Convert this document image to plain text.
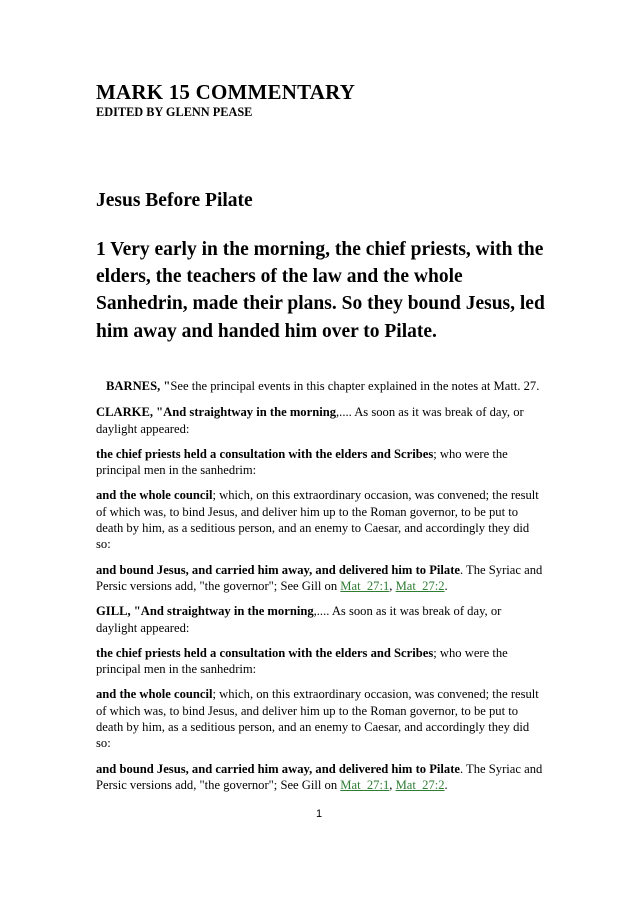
MARK 15 COMMENTARY
EDITED BY GLENN PEASE
Jesus Before Pilate

1 Very early in the morning, the chief priests, with the elders, the teachers of the law and the whole Sanhedrin, made their plans. So they bound Jesus, led him away and handed him over to Pilate.

BARNES, "See the principal events in this chapter explained in the notes at Matt. 27.

CLARKE, "And straightway in the morning,.... As soon as it was break of day, or daylight appeared:

the chief priests held a consultation with the elders and Scribes; who were the principal men in the sanhedrim:

and the whole council; which, on this extraordinary occasion, was convened; the result of which was, to bind Jesus, and deliver him up to the Roman governor, to be put to death by him, as a seditious person, and an enemy to Caesar, and accordingly they did so:

and bound Jesus, and carried him away, and delivered him to Pilate. The Syriac and Persic versions add, "the governor"; See Gill on Mat_27:1, Mat_27:2.

GILL, "And straightway in the morning,.... As soon as it was break of day, or daylight appeared:

the chief priests held a consultation with the elders and Scribes; who were the principal men in the sanhedrim:

and the whole council; which, on this extraordinary occasion, was convened; the result of which was, to bind Jesus, and deliver him up to the Roman governor, to be put to death by him, as a seditious person, and an enemy to Caesar, and accordingly they did so:

and bound Jesus, and carried him away, and delivered him to Pilate. The Syriac and Persic versions add, "the governor"; See Gill on Mat_27:1, Mat_27:2.

1
